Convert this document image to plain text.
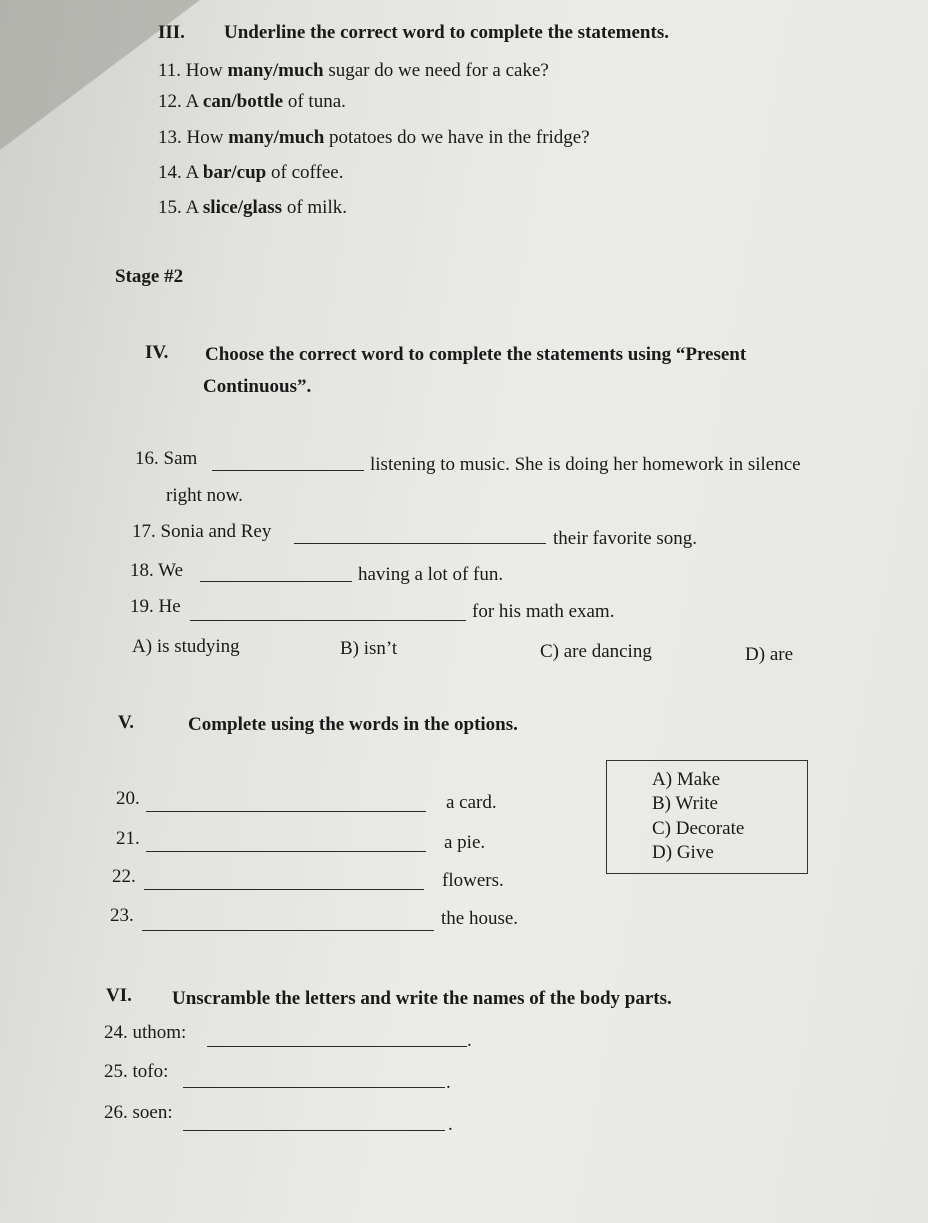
III. Underline the correct word to complete the statements.
11. How many/much sugar do we need for a cake?
12. A can/bottle of tuna.
13. How many/much potatoes do we have in the fridge?
14. A bar/cup of coffee.
15. A slice/glass of milk.
Stage #2
IV. Choose the correct word to complete the statements using “Present
Continuous”.
16. Sam	listening to music. She is doing her homework in silence
right now.
17. Sonia and Rey	their favorite song.
18. We	having a lot of fun.
19. He	for his math exam.
A) is studying	B) isn’t	C) are dancing	D) are
V.	Complete using the words in the options.
20.	a card.
21.	a pie.
22.	flowers.
23.	the house.
A) Make
B) Write
C) Decorate
D) Give
VI. Unscramble the letters and write the names of the body parts.
24. uthom:	.
25. tofo:
.
26. soen:
.
